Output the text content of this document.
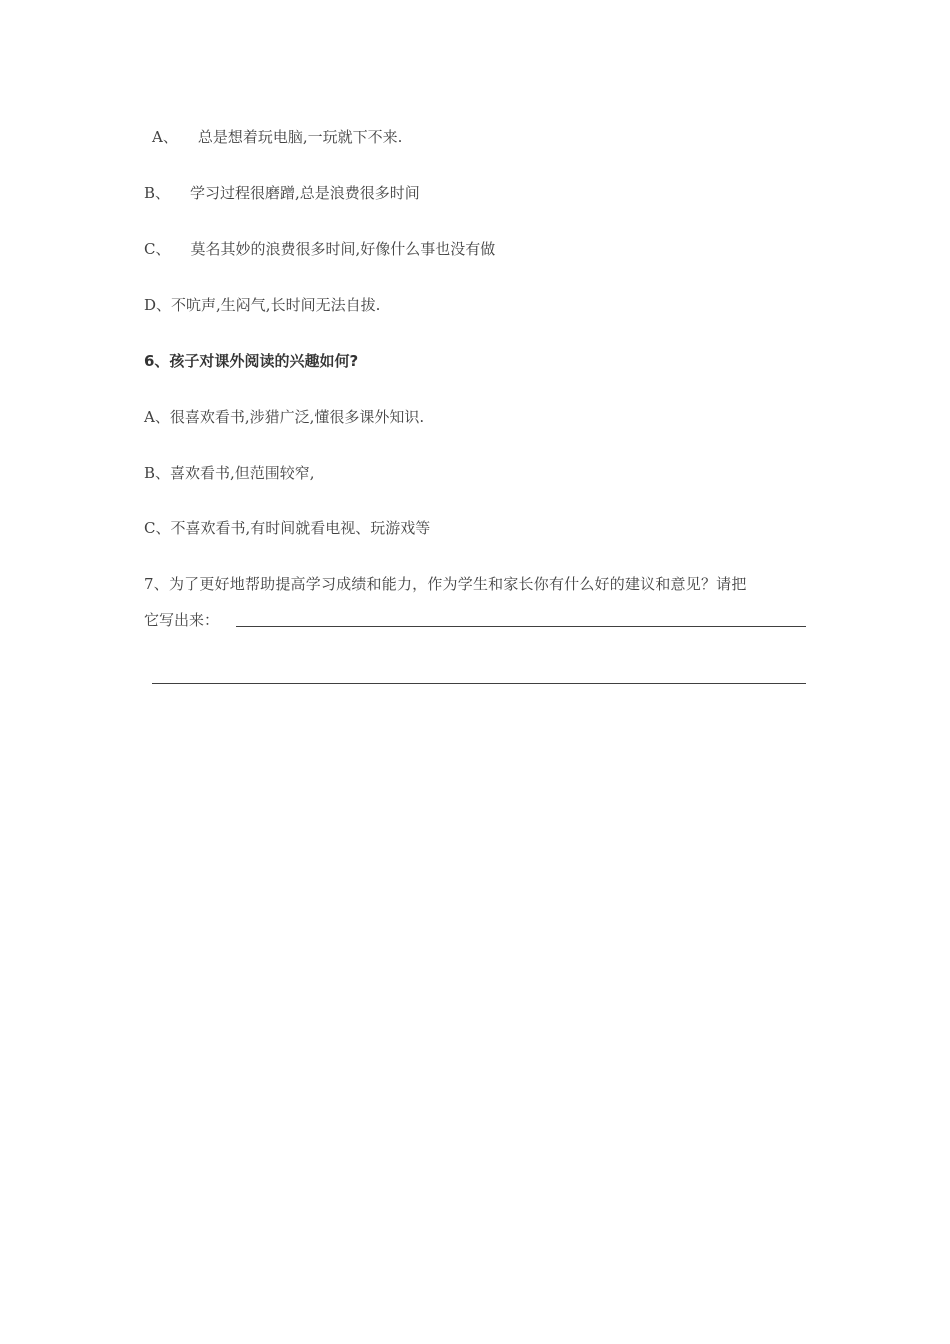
A、 总是想着玩电脑,一玩就下不来.
B、 学习过程很磨蹭,总是浪费很多时间
C、 莫名其妙的浪费很多时间,好像什么事也没有做
D、不吭声,生闷气,长时间无法自拔.
6、孩子对课外阅读的兴趣如何?
A、很喜欢看书,涉猎广泛,懂很多课外知识.
B、喜欢看书,但范围较窄,
C、不喜欢看书,有时间就看电视、玩游戏等
7、为了更好地帮助提高学习成绩和能力，作为学生和家长你有什么好的建议和意见？请把
它写出来：
